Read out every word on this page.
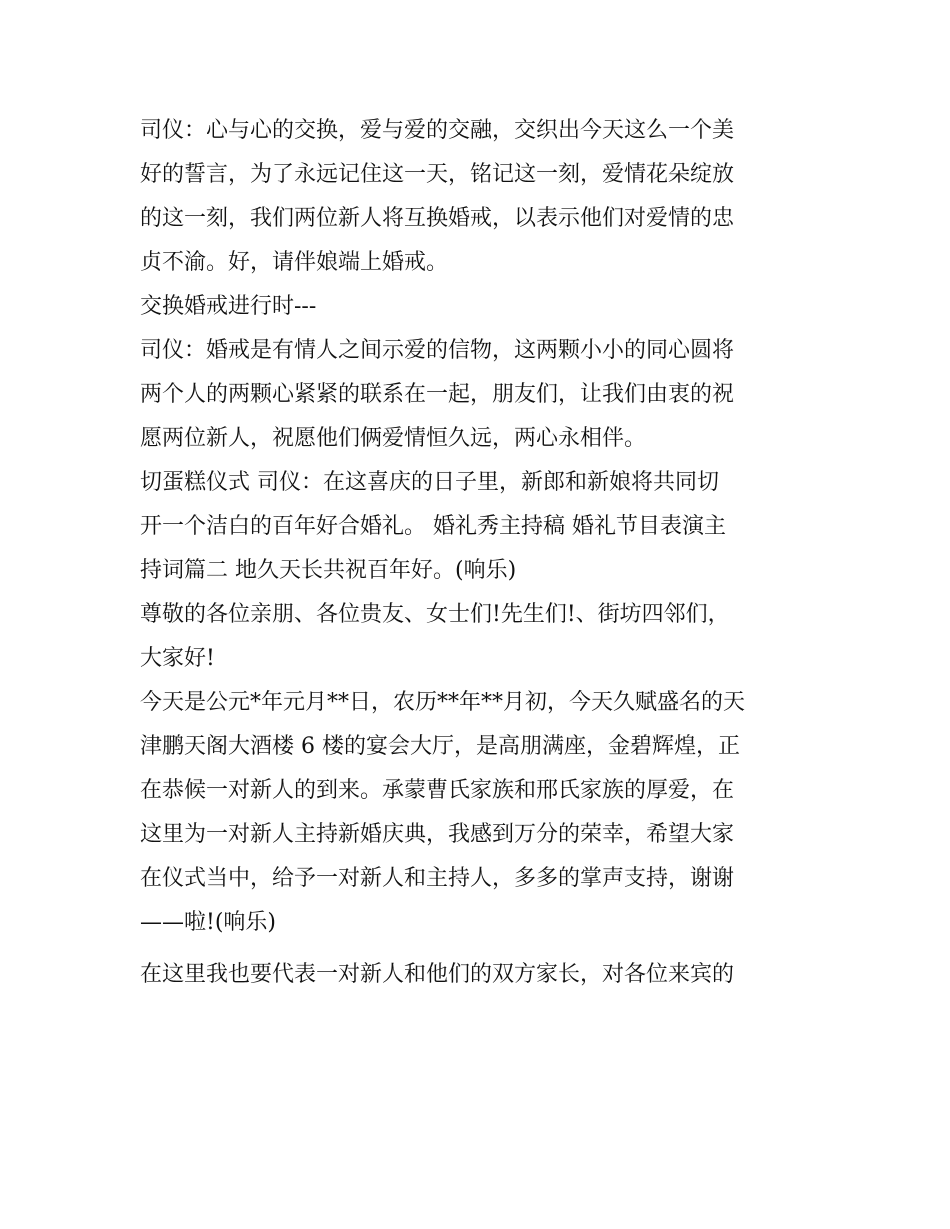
司仪：心与心的交换，爱与爱的交融，交织出今天这么一个美
好的誓言，为了永远记住这一天，铭记这一刻，爱情花朵绽放
的这一刻，我们两位新人将互换婚戒，以表示他们对爱情的忠
贞不渝。好，请伴娘端上婚戒。
交换婚戒进行时---
司仪：婚戒是有情人之间示爱的信物，这两颗小小的同心圆将
两个人的两颗心紧紧的联系在一起，朋友们，让我们由衷的祝
愿两位新人，祝愿他们俩爱情恒久远，两心永相伴。
切蛋糕仪式 司仪：在这喜庆的日子里，新郎和新娘将共同切
开一个洁白的百年好合婚礼。 婚礼秀主持稿 婚礼节目表演主
持词篇二 地久天长共祝百年好。(响乐)
尊敬的各位亲朋、各位贵友、女士们!先生们!、街坊四邻们，
大家好!
今天是公元*年元月**日，农历**年**月初，今天久赋盛名的天
津鹏天阁大酒楼 6 楼的宴会大厅，是高朋满座，金碧辉煌，正
在恭候一对新人的到来。承蒙曹氏家族和邢氏家族的厚爱，在
这里为一对新人主持新婚庆典，我感到万分的荣幸，希望大家
在仪式当中，给予一对新人和主持人，多多的掌声支持，谢谢
——啦!(响乐)
在这里我也要代表一对新人和他们的双方家长，对各位来宾的
